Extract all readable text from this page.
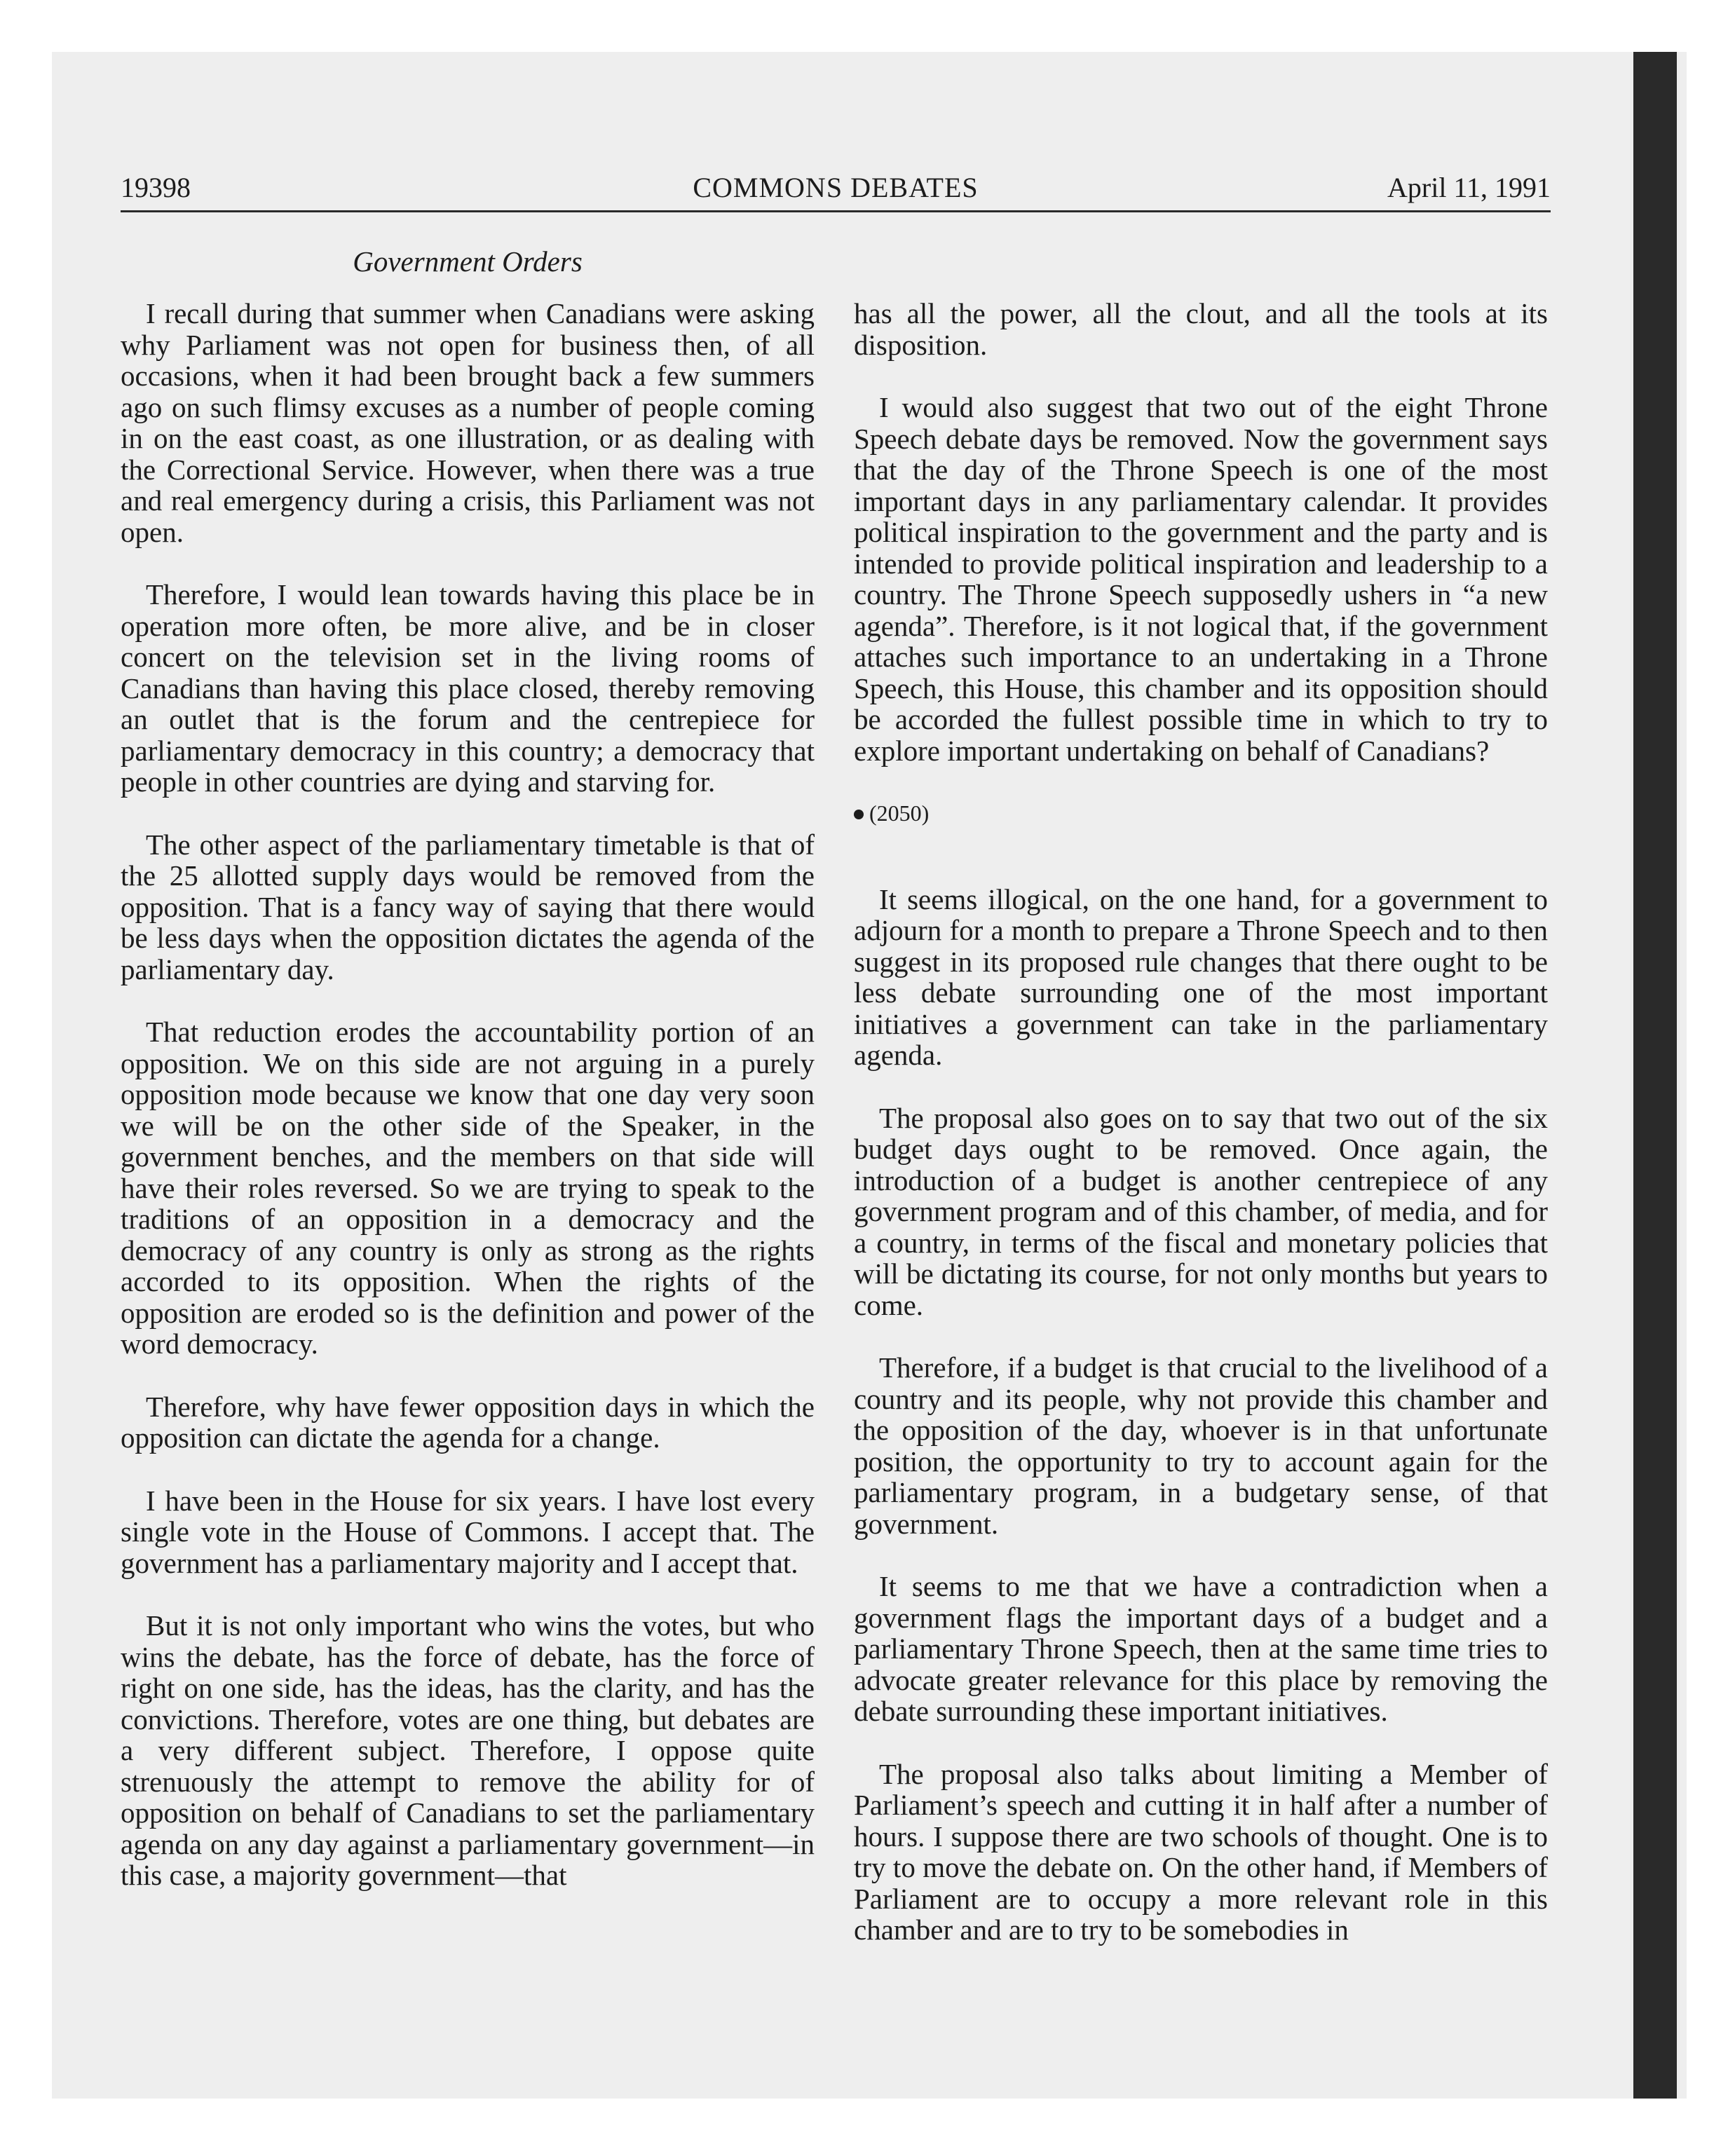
19398	COMMONS DEBATES	April 11, 1991
Government Orders

I recall during that summer when Canadians were asking why Parliament was not open for business then, of all occasions, when it had been brought back a few summers ago on such flimsy excuses as a number of people coming in on the east coast, as one illustration, or as dealing with the Correctional Service. However, when there was a true and real emergency during a crisis, this Parliament was not open.

Therefore, I would lean towards having this place be in operation more often, be more alive, and be in closer concert on the television set in the living rooms of Canadians than having this place closed, thereby removing an outlet that is the forum and the centrepiece for parliamentary democracy in this country; a democracy that people in other countries are dying and starving for.

The other aspect of the parliamentary timetable is that of the 25 allotted supply days would be removed from the opposition. That is a fancy way of saying that there would be less days when the opposition dictates the agenda of the parliamentary day.

That reduction erodes the accountability portion of an opposition. We on this side are not arguing in a purely opposition mode because we know that one day very soon we will be on the other side of the Speaker, in the government benches, and the members on that side will have their roles reversed. So we are trying to speak to the traditions of an opposition in a democracy and the democracy of any country is only as strong as the rights accorded to its opposition. When the rights of the opposition are eroded so is the definition and power of the word democracy.

Therefore, why have fewer opposition days in which the opposition can dictate the agenda for a change.

I have been in the House for six years. I have lost every single vote in the House of Commons. I accept that. The government has a parliamentary majority and I accept that.

But it is not only important who wins the votes, but who wins the debate, has the force of debate, has the force of right on one side, has the ideas, has the clarity, and has the convictions. Therefore, votes are one thing, but debates are a very different subject. Therefore, I oppose quite strenuously the attempt to remove the ability for of opposition on behalf of Canadians to set the parliamentary agenda on any day against a parliamentary government—in this case, a majority government—that

has all the power, all the clout, and all the tools at its disposition.

I would also suggest that two out of the eight Throne Speech debate days be removed. Now the government says that the day of the Throne Speech is one of the most important days in any parliamentary calendar. It provides political inspiration to the government and the party and is intended to provide political inspiration and leadership to a country. The Throne Speech supposedly ushers in “a new agenda”. Therefore, is it not logical that, if the government attaches such importance to an undertaking in a Throne Speech, this House, this chamber and its opposition should be accorded the fullest possible time in which to try to explore important undertaking on behalf of Canadians?

(2050)

It seems illogical, on the one hand, for a government to adjourn for a month to prepare a Throne Speech and to then suggest in its proposed rule changes that there ought to be less debate surrounding one of the most important initiatives a government can take in the parliamentary agenda.

The proposal also goes on to say that two out of the six budget days ought to be removed. Once again, the introduction of a budget is another centrepiece of any government program and of this chamber, of media, and for a country, in terms of the fiscal and monetary policies that will be dictating its course, for not only months but years to come.

Therefore, if a budget is that crucial to the livelihood of a country and its people, why not provide this chamber and the opposition of the day, whoever is in that unfortunate position, the opportunity to try to account again for the parliamentary program, in a budgetary sense, of that government.

It seems to me that we have a contradiction when a government flags the important days of a budget and a parliamentary Throne Speech, then at the same time tries to advocate greater relevance for this place by removing the debate surrounding these important initiatives.

The proposal also talks about limiting a Member of Parliament’s speech and cutting it in half after a number of hours. I suppose there are two schools of thought. One is to try to move the debate on. On the other hand, if Members of Parliament are to occupy a more relevant role in this chamber and are to try to be somebodies in
